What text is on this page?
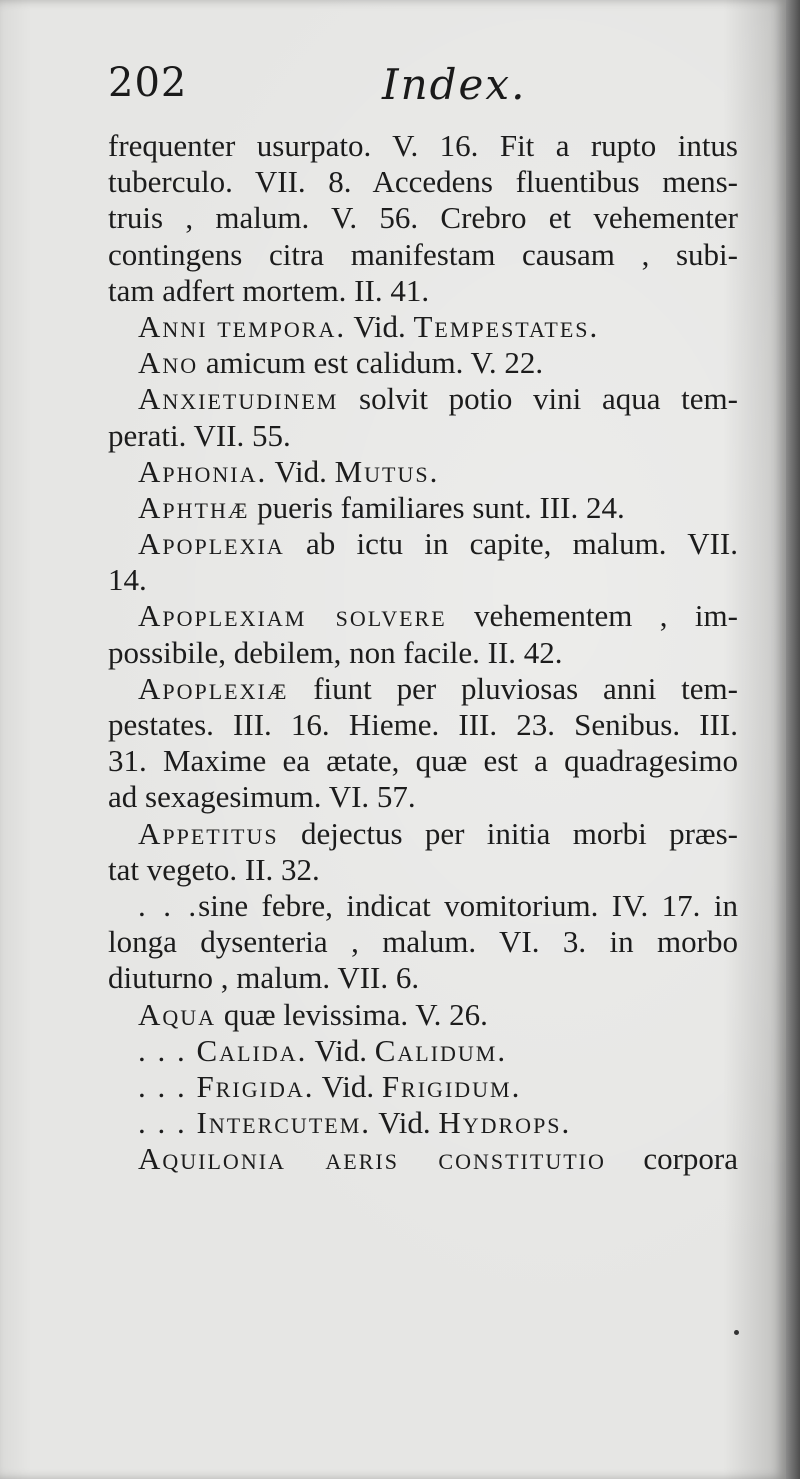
202	Index.
frequenter usurpato. V. 16. Fit a rupto intus
tuberculo. VII. 8. Accedens fluentibus mens-
truis , malum. V. 56. Crebro et vehementer
contingens citra manifestam causam , subi-
tam adfert mortem. II. 41.
Anni tempora. Vid. Tempestates.
Ano amicum est calidum. V. 22.
Anxietudinem solvit potio vini aqua tem-
perati. VII. 55.
Aphonia. Vid. Mutus.
Aphthæ pueris familiares sunt. III. 24.
Apoplexia ab ictu in capite, malum. VII.
14.
Apoplexiam solvere vehementem , im-
possibile, debilem, non facile. II. 42.
Apoplexiæ fiunt per pluviosas anni tem-
pestates. III. 16. Hieme. III. 23. Senibus. III.
31. Maxime ea ætate, quæ est a quadragesimo
ad sexagesimum. VI. 57.
Appetitus dejectus per initia morbi præs-
tat vegeto. II. 32.
. . .sine febre, indicat vomitorium. IV. 17. in
longa dysenteria , malum. VI. 3. in morbo
diuturno , malum. VII. 6.
Aqua quæ levissima. V. 26.
. . . Calida. Vid. Calidum.
. . . Frigida. Vid. Frigidum.
. . . Intercutem. Vid. Hydrops.
Aquilonia aeris constitutio corpora
